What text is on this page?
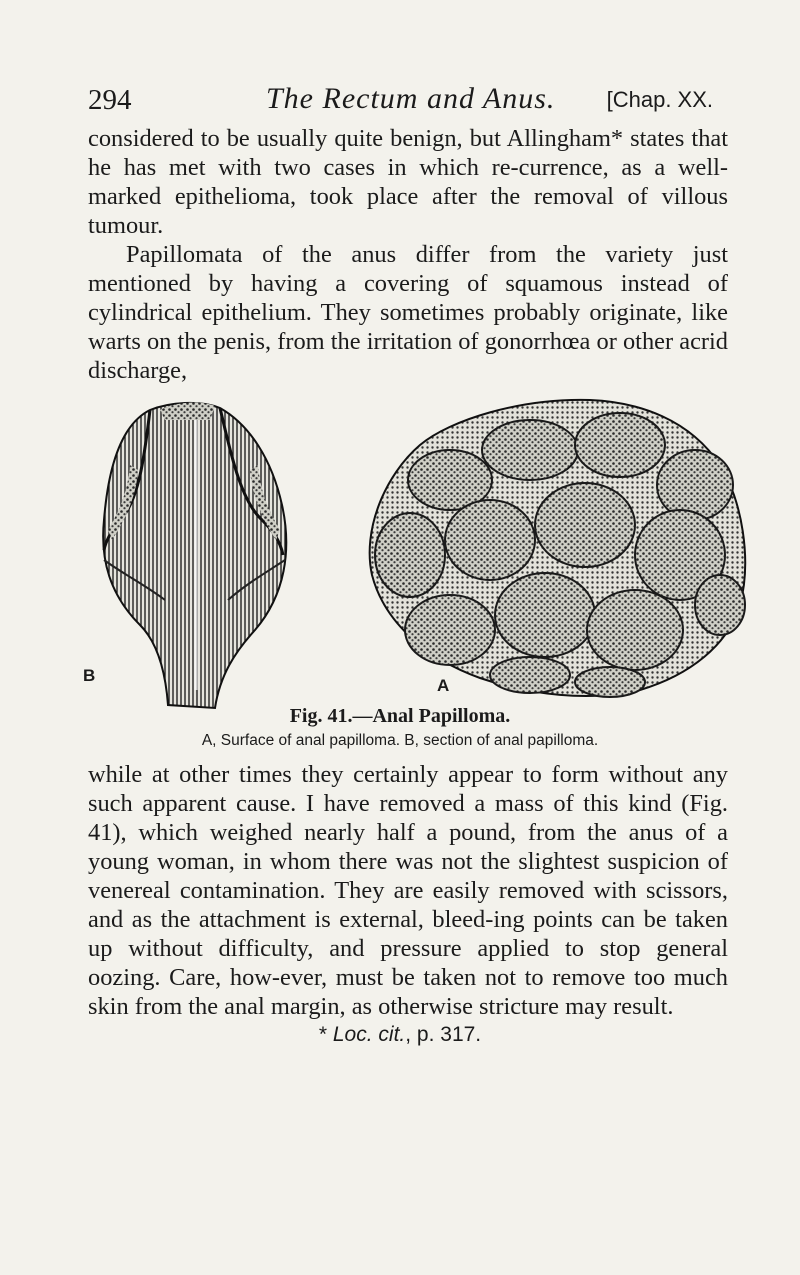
294	The Rectum and Anus. [Chap. XX.

considered to be usually quite benign, but Allingham* states that he has met with two cases in which re-currence, as a well-marked epithelioma, took place after the removal of villous tumour.

Papillomata of the anus differ from the variety just mentioned by having a covering of squamous instead of cylindrical epithelium. They sometimes probably originate, like warts on the penis, from the irritation of gonorrhœa or other acrid discharge,

B
A
Fig. 41.—Anal Papilloma.
A, Surface of anal papilloma. B, section of anal papilloma.

while at other times they certainly appear to form without any such apparent cause. I have removed a mass of this kind (Fig. 41), which weighed nearly half a pound, from the anus of a young woman, in whom there was not the slightest suspicion of venereal contamination. They are easily removed with scissors, and as the attachment is external, bleed-ing points can be taken up without difficulty, and pressure applied to stop general oozing. Care, how-ever, must be taken not to remove too much skin from the anal margin, as otherwise stricture may result.

* Loc. cit., p. 317.
